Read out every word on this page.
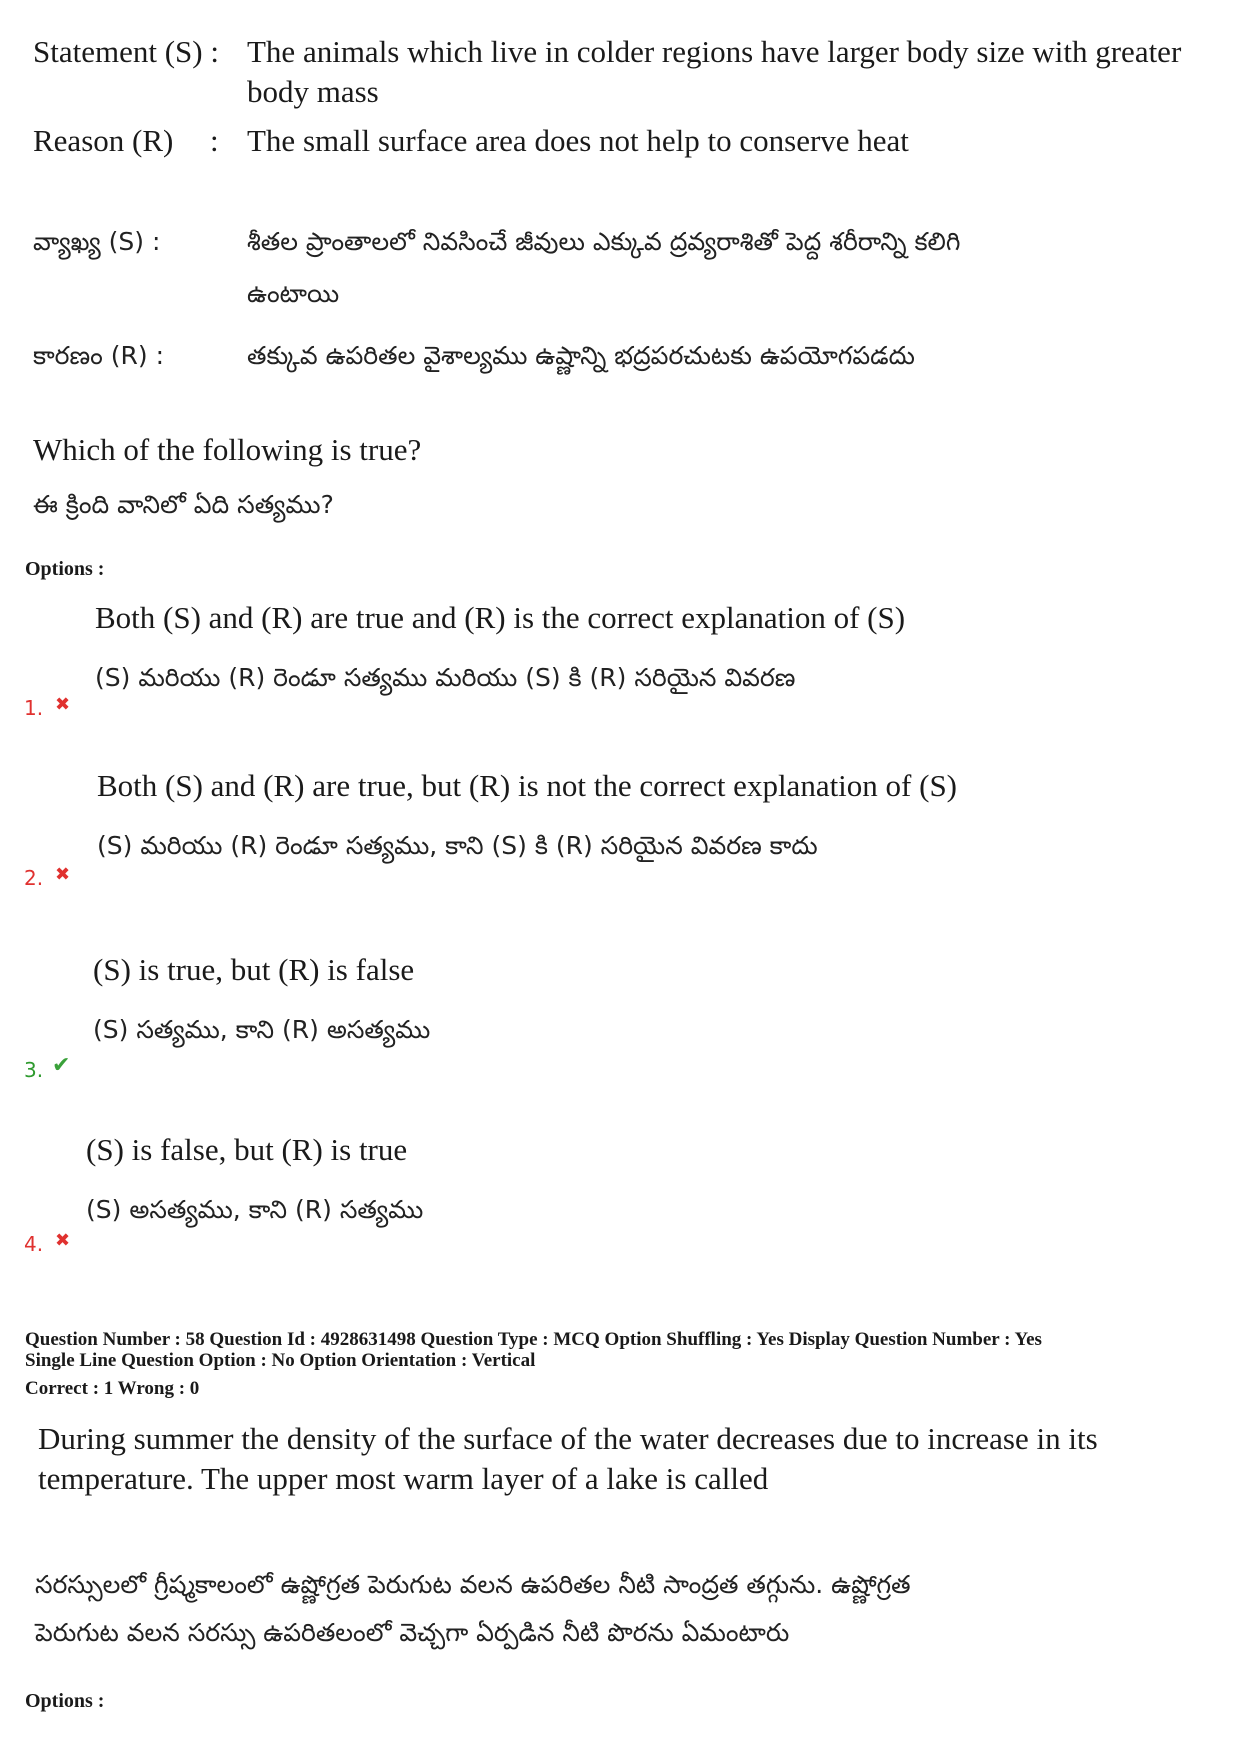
Statement (S) : The animals which live in colder regions have larger body size with greater
body mass
Reason (R) : The small surface area does not help to conserve heat
వ్యాఖ్య (S) :	శీతల ప్రాంతాలలో నివసించే జీవులు ఎక్కువ ద్రవ్యరాశితో పెద్ద శరీరాన్ని కలిగి
ఉంటాయి
కారణం (R) :	తక్కువ ఉపరితల వైశాల్యము ఉష్ణాన్ని భద్రపరచుటకు ఉపయోగపడదు
Which of the following is true?
ఈ క్రింది వానిలో ఏది సత్యము?
Options :
Both (S) and (R) are true and (R) is the correct explanation of (S)
(S) మరియు (R) రెండూ సత్యము మరియు (S) కి (R) సరియైన వివరణ
1. ✖
Both (S) and (R) are true, but (R) is not the correct explanation of (S)
(S) మరియు (R) రెండూ సత్యము, కాని (S) కి (R) సరియైన వివరణ కాదు
2. ✖
(S) is true, but (R) is false
(S) సత్యము, కాని (R) అసత్యము
3. ✔
(S) is false, but (R) is true
(S) అసత్యము, కాని (R) సత్యము
4. ✖
Question Number : 58 Question Id : 4928631498 Question Type : MCQ Option Shuffling : Yes Display Question Number : Yes
Single Line Question Option : No Option Orientation : Vertical
Correct : 1 Wrong : 0
During summer the density of the surface of the water decreases due to increase in its
temperature. The upper most warm layer of a lake is called
సరస్సులలో గ్రీష్మకాలంలో ఉష్ణోగ్రత పెరుగుట వలన ఉపరితల నీటి సాంద్రత తగ్గును. ఉష్ణోగ్రత
పెరుగుట వలన సరస్సు ఉపరితలంలో వెచ్చగా ఏర్పడిన నీటి పొరను ఏమంటారు
Options :
